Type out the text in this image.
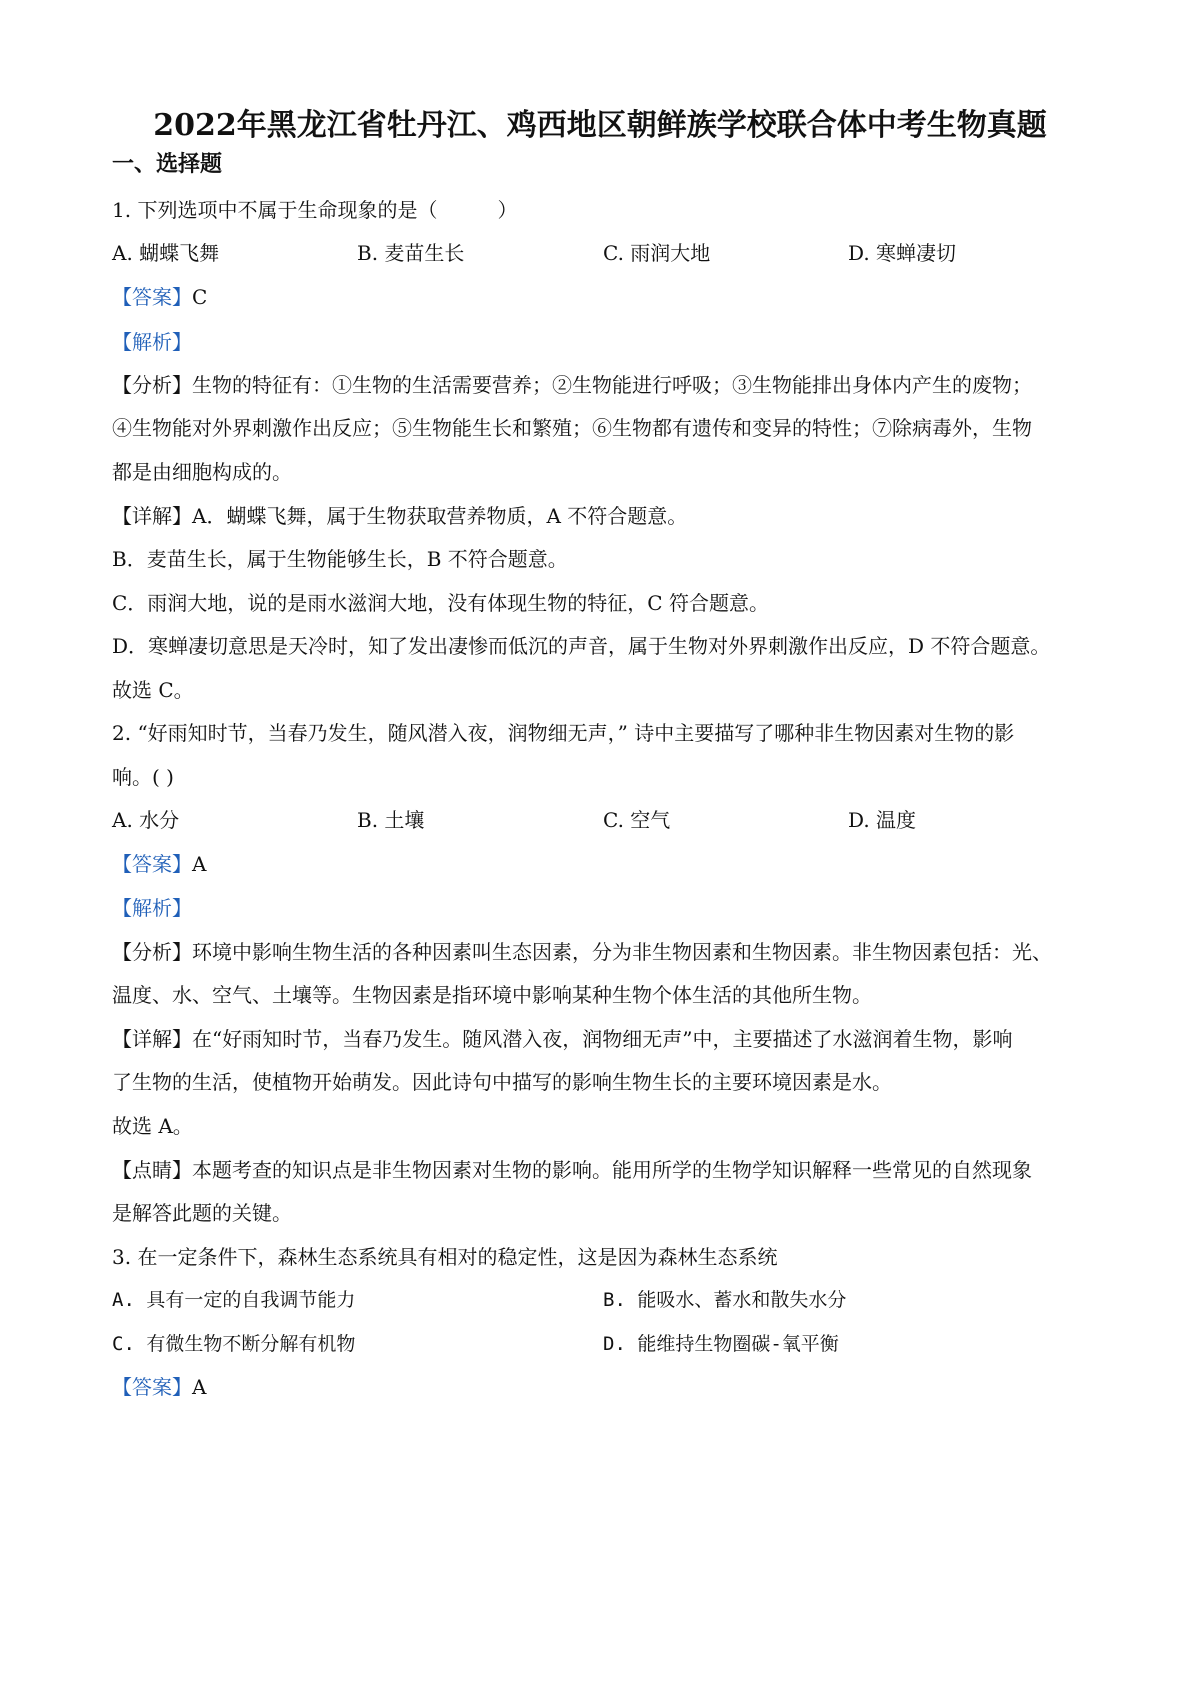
2022年黑龙江省牡丹江、鸡西地区朝鲜族学校联合体中考生物真题
一、选择题
1. 下列选项中不属于生命现象的是（　　　）
A. 蝴蝶飞舞	B. 麦苗生长	C. 雨润大地	D. 寒蝉凄切
【答案】C
【解析】
【分析】生物的特征有：①生物的生活需要营养；②生物能进行呼吸；③生物能排出身体内产生的废物；
④生物能对外界刺激作出反应；⑤生物能生长和繁殖；⑥生物都有遗传和变异的特性；⑦除病毒外，生物
都是由细胞构成的。
【详解】A．蝴蝶飞舞，属于生物获取营养物质，A 不符合题意。
B．麦苗生长，属于生物能够生长，B 不符合题意。
C．雨润大地，说的是雨水滋润大地，没有体现生物的特征，C 符合题意。
D．寒蝉凄切意思是天冷时，知了发出凄惨而低沉的声音，属于生物对外界刺激作出反应，D 不符合题意。
故选 C。
2. “好雨知时节，当春乃发生，随风潜入夜，润物细无声，” 诗中主要描写了哪种非生物因素对生物的影
响。( )
A. 水分	B. 土壤	C. 空气	D. 温度
【答案】A
【解析】
【分析】环境中影响生物生活的各种因素叫生态因素，分为非生物因素和生物因素。非生物因素包括：光、
温度、水、空气、土壤等。生物因素是指环境中影响某种生物个体生活的其他所生物。
【详解】在“好雨知时节，当春乃发生。随风潜入夜，润物细无声”中，主要描述了水滋润着生物，影响
了生物的生活，使植物开始萌发。因此诗句中描写的影响生物生长的主要环境因素是水。
故选 A。
【点睛】本题考查的知识点是非生物因素对生物的影响。能用所学的生物学知识解释一些常见的自然现象
是解答此题的关键。
3. 在一定条件下，森林生态系统具有相对的稳定性，这是因为森林生态系统
A. 具有一定的自我调节能力	B. 能吸水、蓄水和散失水分
C. 有微生物不断分解有机物	D. 能维持生物圈碳-氧平衡
【答案】A
